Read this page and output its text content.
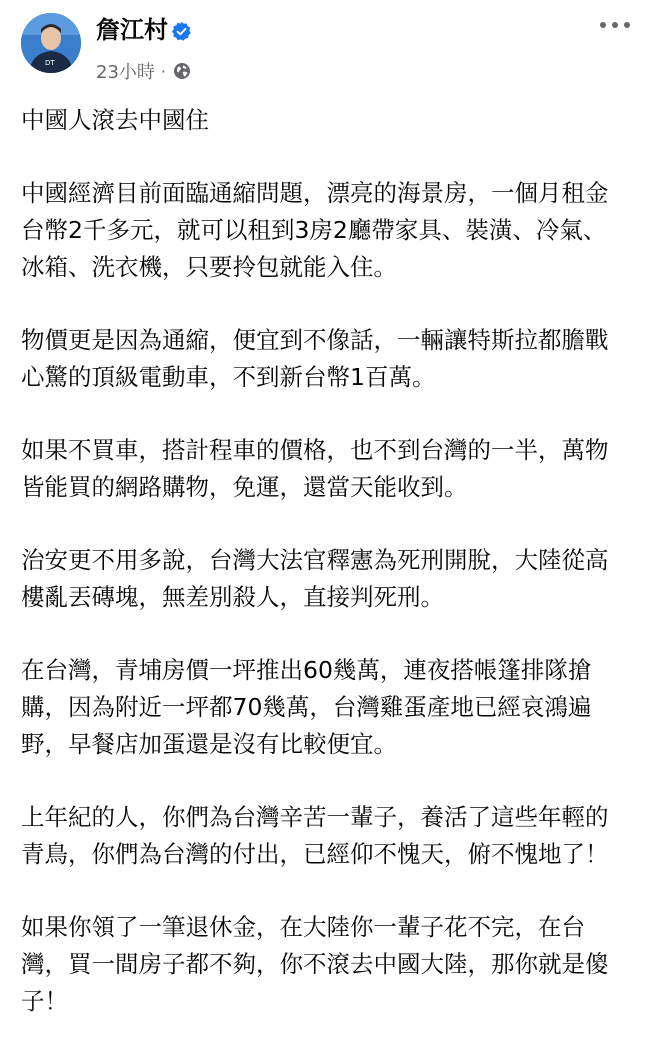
DT
詹江村
23小時 ·

中國人滾去中國住

中國經濟目前面臨通縮問題，漂亮的海景房，一個月租金
台幣2千多元，就可以租到3房2廳帶家具、裝潢、冷氣、
冰箱、洗衣機，只要拎包就能入住。

物價更是因為通縮，便宜到不像話，一輛讓特斯拉都膽戰
心驚的頂級電動車，不到新台幣1百萬。

如果不買車，搭計程車的價格，也不到台灣的一半，萬物
皆能買的網路購物，免運，還當天能收到。

治安更不用多說，台灣大法官釋憲為死刑開脫，大陸從高
樓亂丟磚塊，無差別殺人，直接判死刑。

在台灣，青埔房價一坪推出60幾萬，連夜搭帳篷排隊搶
購，因為附近一坪都70幾萬，台灣雞蛋產地已經哀鴻遍
野，早餐店加蛋還是沒有比較便宜。

上年紀的人，你們為台灣辛苦一輩子，養活了這些年輕的
青鳥，你們為台灣的付出，已經仰不愧天，俯不愧地了！

如果你領了一筆退休金，在大陸你一輩子花不完，在台
灣，買一間房子都不夠，你不滾去中國大陸，那你就是傻
子！
